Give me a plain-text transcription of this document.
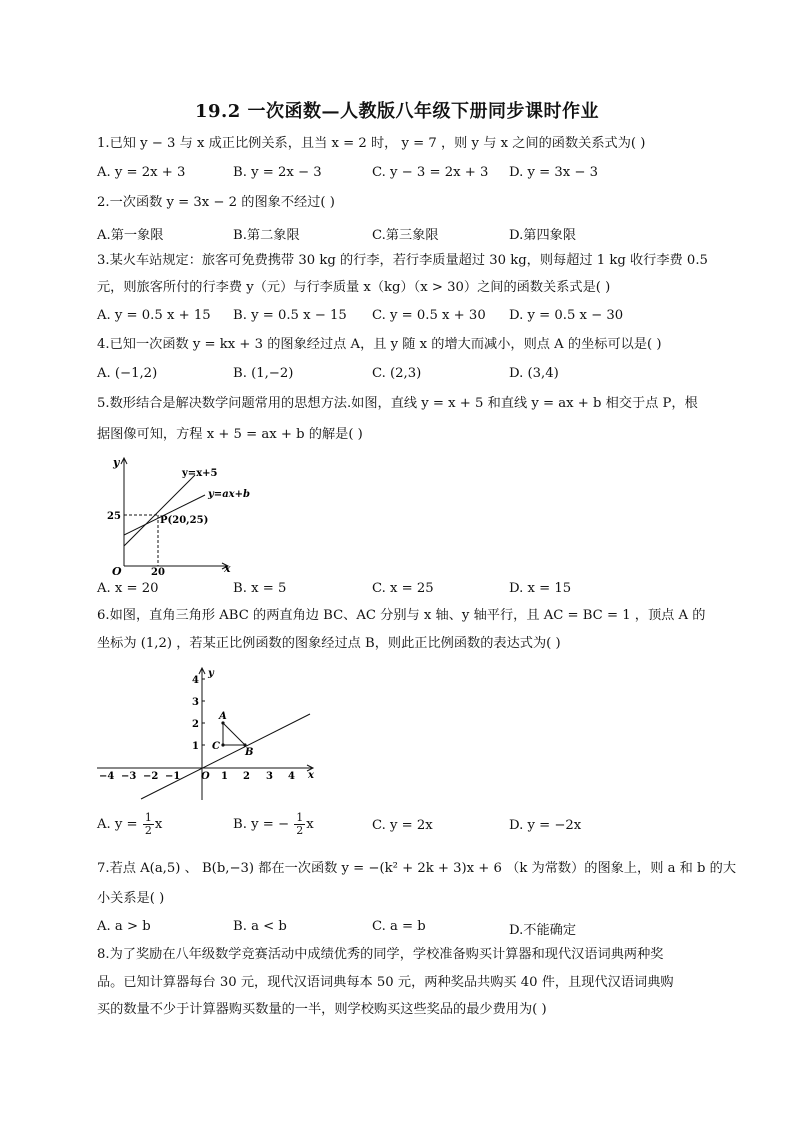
19.2 一次函数—人教版八年级下册同步课时作业
1.已知 y − 3 与 x 成正比例关系，且当 x = 2 时， y = 7 ，则 y 与 x 之间的函数关系式为( )
A. y = 2x + 3	B. y = 2x − 3	C. y − 3 = 2x + 3 D. y = 3x − 3
2.一次函数 y = 3x − 2 的图象不经过( )
A.第一象限	B.第二象限	C.第三象限	D.第四象限
3.某火车站规定：旅客可免费携带 30 kg 的行李，若行李质量超过 30 kg，则每超过 1 kg 收行李费 0.5
元，则旅客所付的行李费 y（元）与行李质量 x（kg）（x > 30）之间的函数关系式是( )
A. y = 0.5 x + 15 B. y = 0.5 x − 15 C. y = 0.5 x + 30 D. y = 0.5 x − 30
4.已知一次函数 y = kx + 3 的图象经过点 A，且 y 随 x 的增大而减小，则点 A 的坐标可以是( )
A. (−1,2)	B. (1,−2)	C. (2,3)	D. (3,4)
5.数形结合是解决数学问题常用的思想方法.如图，直线 y = x + 5 和直线 y = ax + b 相交于点 P，根
据图像可知，方程 x + 5 = ax + b 的解是( )
y
x
O
y=x+5
y=ax+b
P(20,25)
25
20
A. x = 20	B. x = 5	C. x = 25	D. x = 15
6.如图，直角三角形 ABC 的两直角边 BC、AC 分别与 x 轴、y 轴平行，且 AC = BC = 1 ，顶点 A 的
坐标为 (1,2) ，若某正比例函数的图象经过点 B，则此正比例函数的表达式为( )
y
x
O
A
B
C
1
2
3
4
−4 −3 −2 −1	1 2 3 4
A. $y = \frac{1}{2}$ x	B. y = − $\frac{1}{2}$ x	C. y = 2x	D. y = −2x
7.若点 A(a,5) 、 B(b,−3) 都在一次函数 y = −(k² + 2k + 3)x + 6 （k 为常数）的图象上，则 a 和 b 的大
小关系是( )
A. a > b	B. a < b	C. a = b	D.不能确定
8.为了奖励在八年级数学竞赛活动中成绩优秀的同学，学校准备购买计算器和现代汉语词典两种奖
品。已知计算器每台 30 元，现代汉语词典每本 50 元，两种奖品共购买 40 件，且现代汉语词典购
买的数量不少于计算器购买数量的一半，则学校购买这些奖品的最少费用为( )
